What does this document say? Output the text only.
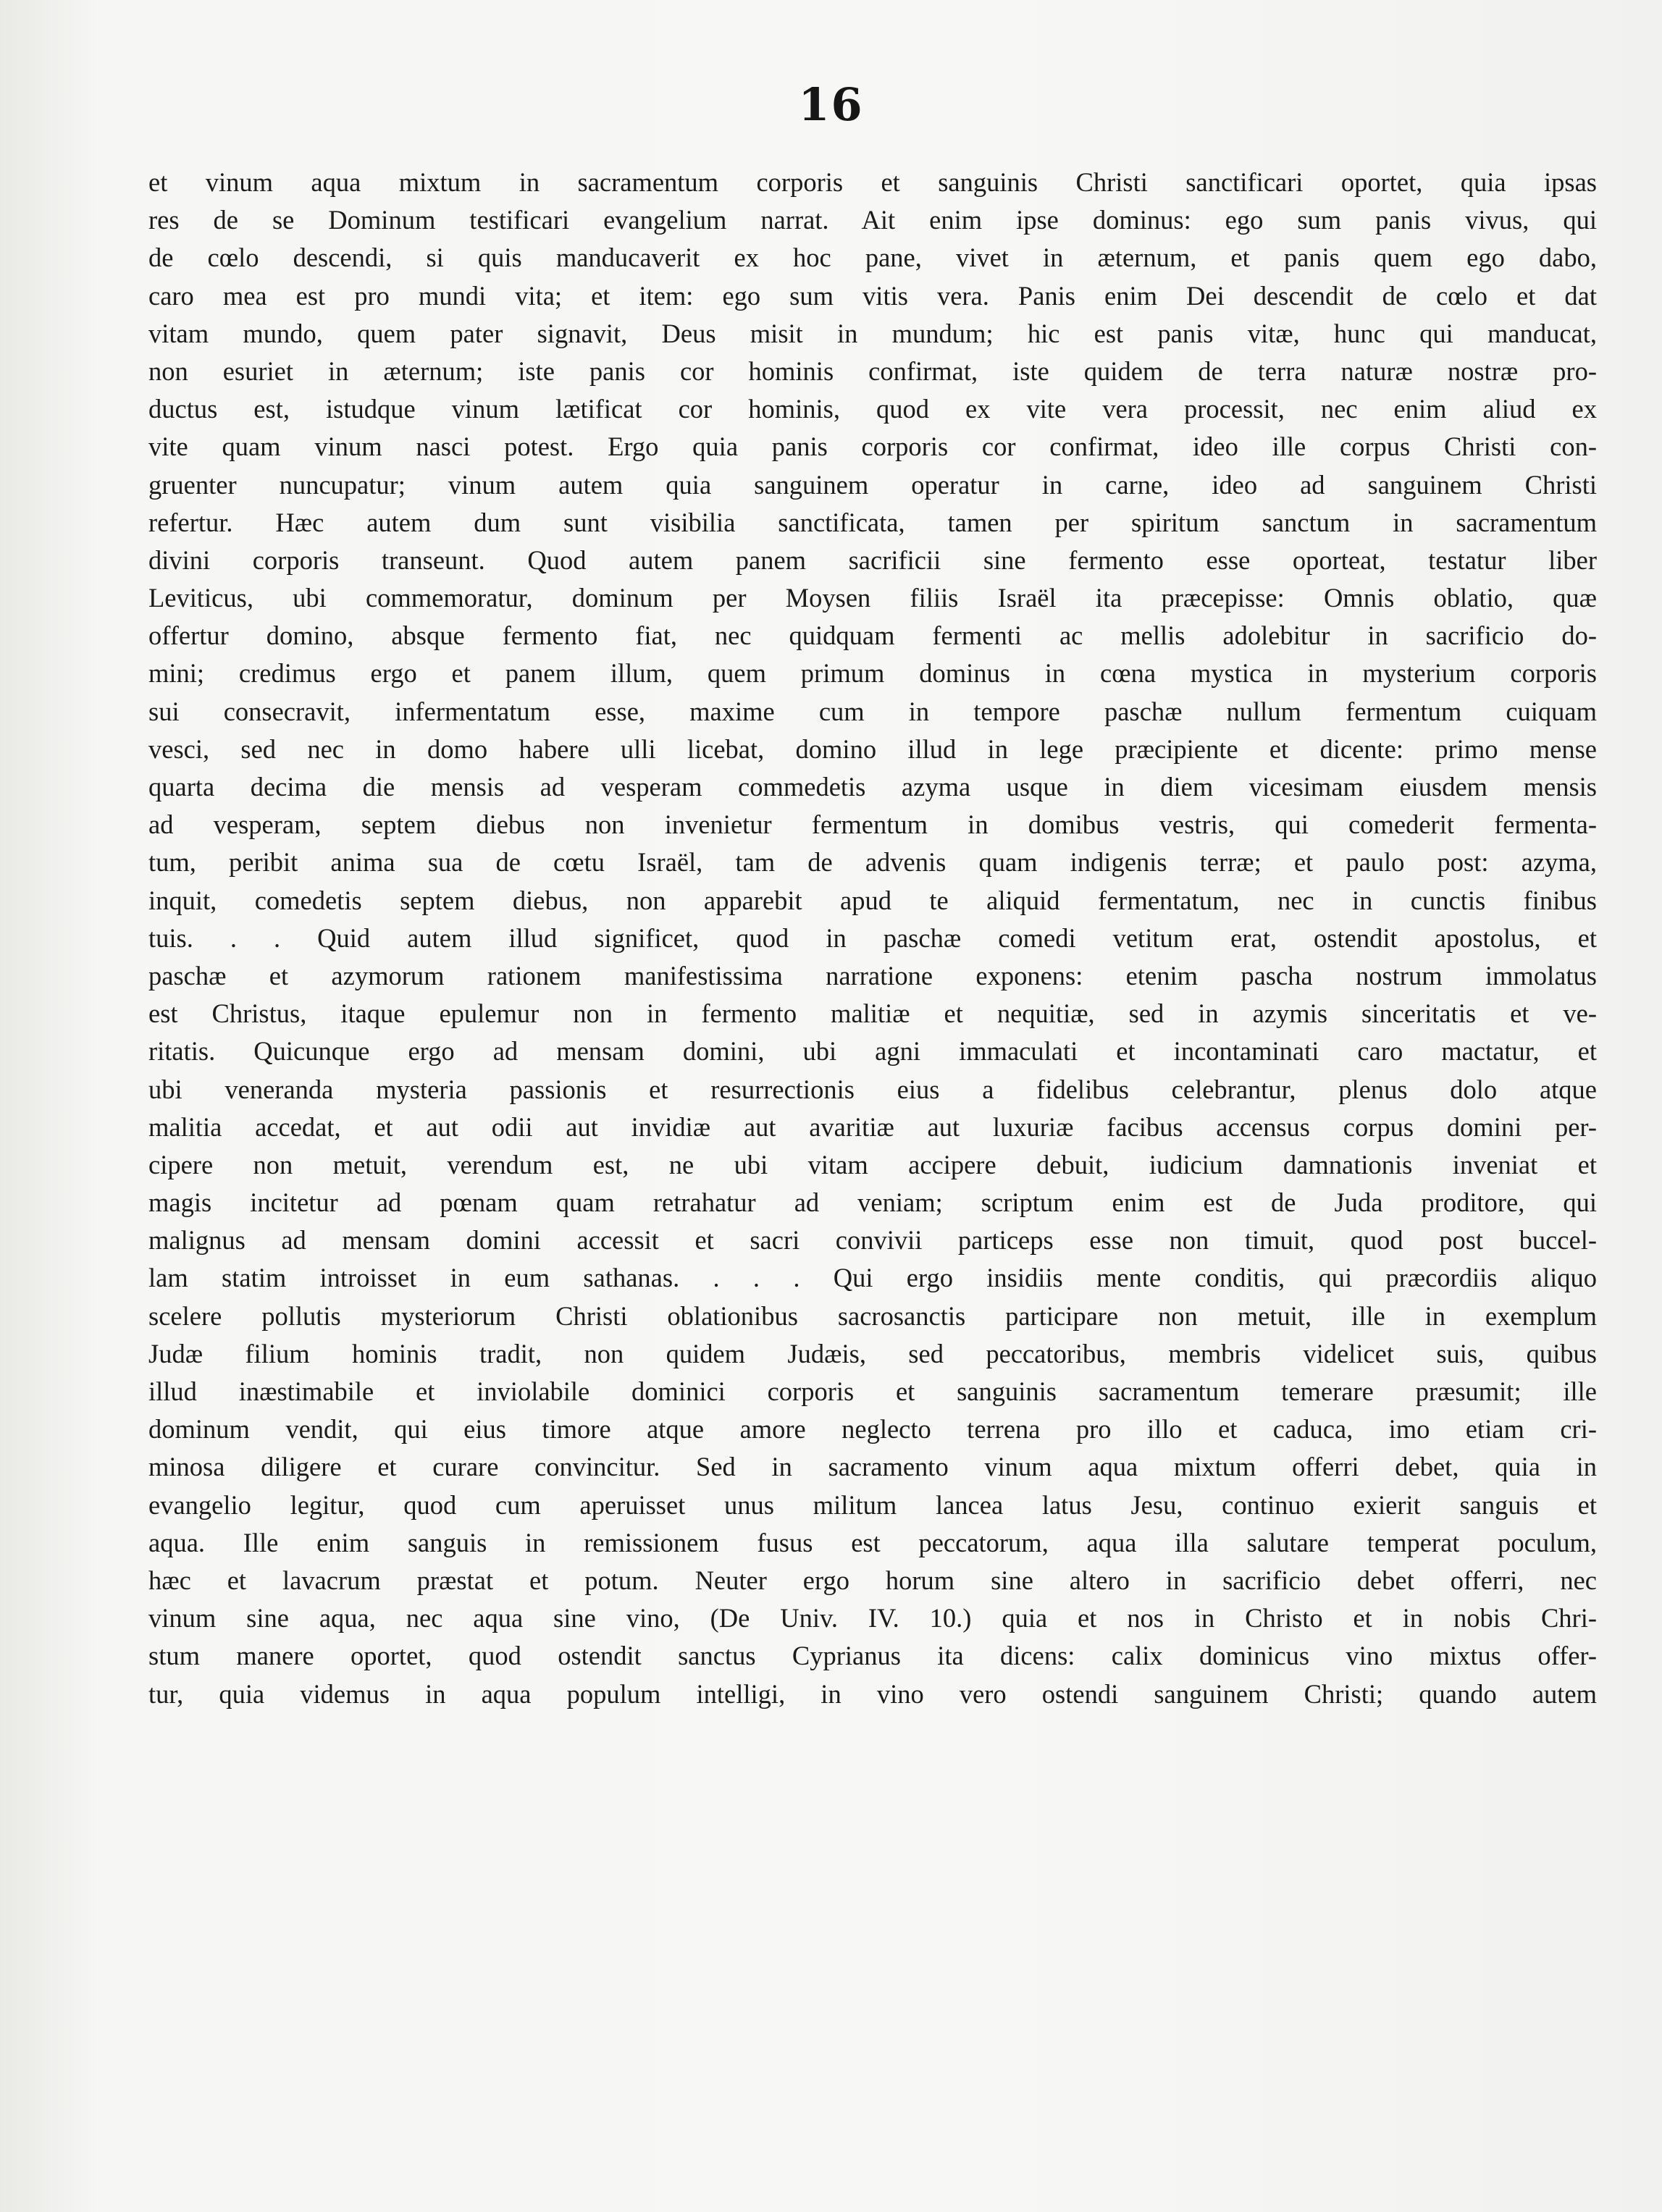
16
et vinum aqua mixtum in sacramentum corporis et sanguinis Christi sanctificari oportet, quia ipsas
res de se Dominum testificari evangelium narrat. Ait enim ipse dominus: ego sum panis vivus, qui
de cœlo descendi, si quis manducaverit ex hoc pane, vivet in æternum, et panis quem ego dabo,
caro mea est pro mundi vita; et item: ego sum vitis vera. Panis enim Dei descendit de cœlo et dat
vitam mundo, quem pater signavit, Deus misit in mundum; hic est panis vitæ, hunc qui manducat,
non esuriet in æternum; iste panis cor hominis confirmat, iste quidem de terra naturæ nostræ pro-
ductus est, istudque vinum lætificat cor hominis, quod ex vite vera processit, nec enim aliud ex
vite quam vinum nasci potest. Ergo quia panis corporis cor confirmat, ideo ille corpus Christi con-
gruenter nuncupatur; vinum autem quia sanguinem operatur in carne, ideo ad sanguinem Christi
refertur. Hæc autem dum sunt visibilia sanctificata, tamen per spiritum sanctum in sacramentum
divini corporis transeunt. Quod autem panem sacrificii sine fermento esse oporteat, testatur liber
Leviticus, ubi commemoratur, dominum per Moysen filiis Israël ita præcepisse: Omnis oblatio, quæ
offertur domino, absque fermento fiat, nec quidquam fermenti ac mellis adolebitur in sacrificio do-
mini; credimus ergo et panem illum, quem primum dominus in cœna mystica in mysterium corporis
sui consecravit, infermentatum esse, maxime cum in tempore paschæ nullum fermentum cuiquam
vesci, sed nec in domo habere ulli licebat, domino illud in lege præcipiente et dicente: primo mense
quarta decima die mensis ad vesperam commedetis azyma usque in diem vicesimam eiusdem mensis
ad vesperam, septem diebus non invenietur fermentum in domibus vestris, qui comederit fermenta-
tum, peribit anima sua de cœtu Israël, tam de advenis quam indigenis terræ; et paulo post: azyma,
inquit, comedetis septem diebus, non apparebit apud te aliquid fermentatum, nec in cunctis finibus
tuis. . . Quid autem illud significet, quod in paschæ comedi vetitum erat, ostendit apostolus, et
paschæ et azymorum rationem manifestissima narratione exponens: etenim pascha nostrum immolatus
est Christus, itaque epulemur non in fermento malitiæ et nequitiæ, sed in azymis sinceritatis et ve-
ritatis. Quicunque ergo ad mensam domini, ubi agni immaculati et incontaminati caro mactatur, et
ubi veneranda mysteria passionis et resurrectionis eius a fidelibus celebrantur, plenus dolo atque
malitia accedat, et aut odii aut invidiæ aut avaritiæ aut luxuriæ facibus accensus corpus domini per-
cipere non metuit, verendum est, ne ubi vitam accipere debuit, iudicium damnationis inveniat et
magis incitetur ad pœnam quam retrahatur ad veniam; scriptum enim est de Juda proditore, qui
malignus ad mensam domini accessit et sacri convivii particeps esse non timuit, quod post buccel-
lam statim introisset in eum sathanas. . . . Qui ergo insidiis mente conditis, qui præcordiis aliquo
scelere pollutis mysteriorum Christi oblationibus sacrosanctis participare non metuit, ille in exemplum
Judæ filium hominis tradit, non quidem Judæis, sed peccatoribus, membris videlicet suis, quibus
illud inæstimabile et inviolabile dominici corporis et sanguinis sacramentum temerare præsumit; ille
dominum vendit, qui eius timore atque amore neglecto terrena pro illo et caduca, imo etiam cri-
minosa diligere et curare convincitur. Sed in sacramento vinum aqua mixtum offerri debet, quia in
evangelio legitur, quod cum aperuisset unus militum lancea latus Jesu, continuo exierit sanguis et
aqua. Ille enim sanguis in remissionem fusus est peccatorum, aqua illa salutare temperat poculum,
hæc et lavacrum præstat et potum. Neuter ergo horum sine altero in sacrificio debet offerri, nec
vinum sine aqua, nec aqua sine vino, (De Univ. IV. 10.) quia et nos in Christo et in nobis Chri-
stum manere oportet, quod ostendit sanctus Cyprianus ita dicens: calix dominicus vino mixtus offer-
tur, quia videmus in aqua populum intelligi, in vino vero ostendi sanguinem Christi; quando autem
